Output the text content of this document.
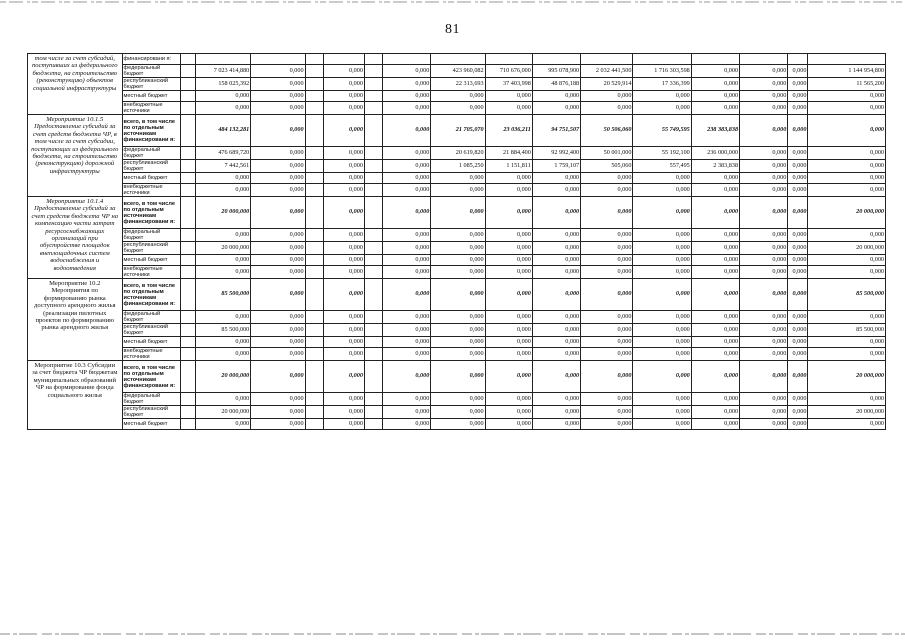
81
том числе за счет субсидий, поступивших из федерального бюджета, на строительство (реконструкцию) объектов социальной инфраструктуры	финансировани я:																
	федеральный бюджет		7 023 414,880	0,000		0,000		0,000	423 960,082	710 676,000	995 078,900	2 032 441,500	1 716 303,598	0,000	0,000	0,000	1 144 954,800
	республиканский бюджет		158 025,392	0,000		0,000		0,000	22 313,693	37 403,998	48 876,188	20 529,914	17 336,399	0,000	0,000	0,000	11 565,200
	местный бюджет		0,000	0,000		0,000		0,000	0,000	0,000	0,000	0,000	0,000	0,000	0,000	0,000	0,000
	внебюджетные источники		0,000	0,000		0,000		0,000	0,000	0,000	0,000	0,000	0,000	0,000	0,000	0,000	0,000
Мероприятие 10.1.5 Предоставление субсидий за счет средств бюджета ЧР, в том числе за счет субсидии, поступающих из федерального бюджета, на строительство (реконструкцию) дорожной инфраструктуры	всего, в том числе по отдельным источникам финансировани я:		484 132,281	0,000		0,000		0,000	21 705,070	23 036,211	94 751,507	50 506,060	55 749,595	238 383,838	0,000	0,000	0,000
	федеральный бюджет		476 689,720	0,000		0,000		0,000	20 619,820	21 884,400	92 992,400	50 001,000	55 192,100	236 000,000	0,000	0,000	0,000
	республиканский бюджет		7 442,561	0,000		0,000		0,000	1 085,250	1 151,811	1 759,107	505,060	557,495	2 383,838	0,000	0,000	0,000
	местный бюджет		0,000	0,000		0,000		0,000	0,000	0,000	0,000	0,000	0,000	0,000	0,000	0,000	0,000
	внебюджетные источники		0,000	0,000		0,000		0,000	0,000	0,000	0,000	0,000	0,000	0,000	0,000	0,000	0,000
Мероприятие 10.1.4 Предоставление субсидий за счет средств бюджета ЧР на компенсацию части затрат ресурсоснабжающих организаций при обустройстве площадок внеплощадочных систем водоснабжения и водоотведения	всего, в том числе по отдельным источникам финансировани я:		20 000,000	0,000		0,000		0,000	0,000	0,000	0,000	0,000	0,000	0,000	0,000	0,000	20 000,000
	федеральный бюджет		0,000	0,000		0,000		0,000	0,000	0,000	0,000	0,000	0,000	0,000	0,000	0,000	0,000
	республиканский бюджет		20 000,000	0,000		0,000		0,000	0,000	0,000	0,000	0,000	0,000	0,000	0,000	0,000	20 000,000
	местный бюджет		0,000	0,000		0,000		0,000	0,000	0,000	0,000	0,000	0,000	0,000	0,000	0,000	0,000
	внебюджетные источники		0,000	0,000		0,000		0,000	0,000	0,000	0,000	0,000	0,000	0,000	0,000	0,000	0,000
Мероприятие 10.2 Мероприятия по формированию рынка доступного арендного жилья (реализация пилотных проектов по формированию рынка арендного жилья	всего, в том числе по отдельным источникам финансировани я:		85 500,000	0,000		0,000		0,000	0,000	0,000	0,000	0,000	0,000	0,000	0,000	0,000	85 500,000
	федеральный бюджет		0,000	0,000		0,000		0,000	0,000	0,000	0,000	0,000	0,000	0,000	0,000	0,000	0,000
	республиканский бюджет		85 500,000	0,000		0,000		0,000	0,000	0,000	0,000	0,000	0,000	0,000	0,000	0,000	85 500,000
	местный бюджет		0,000	0,000		0,000		0,000	0,000	0,000	0,000	0,000	0,000	0,000	0,000	0,000	0,000
	внебюджетные источники		0,000	0,000		0,000		0,000	0,000	0,000	0,000	0,000	0,000	0,000	0,000	0,000	0,000
Мероприятие 10.3 Субсидии за счет бюджета ЧР бюджетам муниципальных образований ЧР на формирование фонда социального жилья	всего, в том числе по отдельным источникам финансировани я:		20 000,000	0,000		0,000		0,000	0,000	0,000	0,000	0,000	0,000	0,000	0,000	0,000	20 000,000
	федеральный бюджет		0,000	0,000		0,000		0,000	0,000	0,000	0,000	0,000	0,000	0,000	0,000	0,000	0,000
	республиканский бюджет		20 000,000	0,000		0,000		0,000	0,000	0,000	0,000	0,000	0,000	0,000	0,000	0,000	20 000,000
	местный бюджет		0,000	0,000		0,000		0,000	0,000	0,000	0,000	0,000	0,000	0,000	0,000	0,000	0,000
